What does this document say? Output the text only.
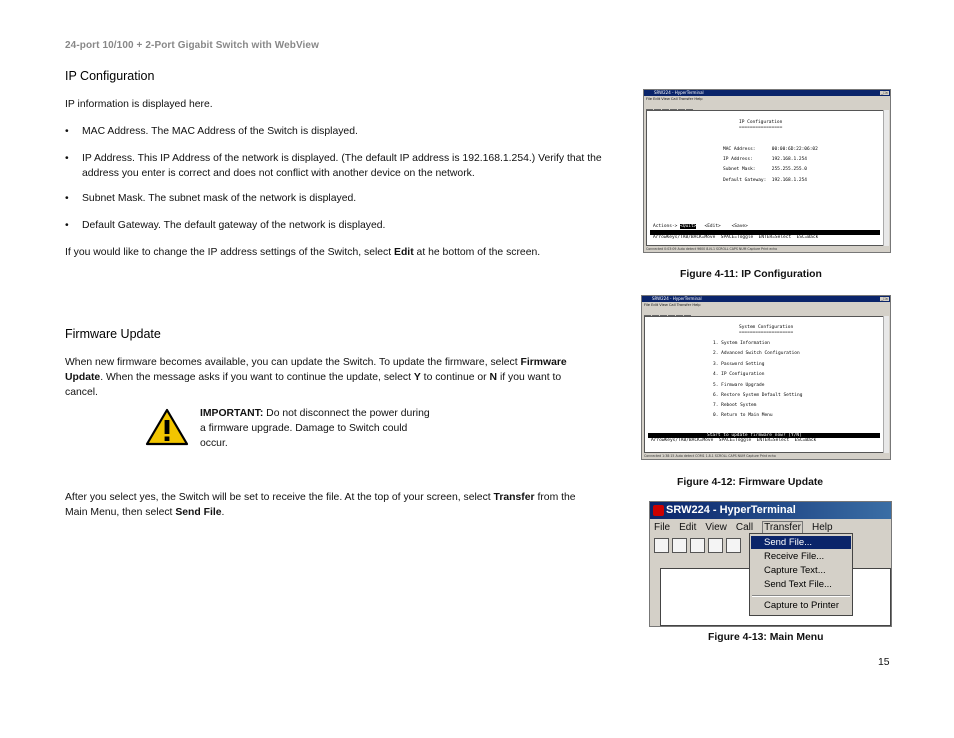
24-port 10/100 + 2-Port Gigabit Switch with WebView
IP Configuration
IP information is displayed here.
• MAC Address. The MAC Address of the Switch is displayed.
• IP Address. This IP Address of the network is displayed. (The default IP address is 192.168.1.254.) Verify that the address you enter is correct and does not conflict with another device on the network.
• Subnet Mask. The subnet mask of the network is displayed.
• Default Gateway. The default gateway of the network is displayed.
If you would like to change the IP address settings of the Switch, select Edit at he bottom of the screen.
Firmware Update
When new firmware becomes available, you can update the Switch. To update the firmware, select Firmware Update. When the message asks if you want to continue the update, select Y to continue or N if you want to cancel.
IMPORTANT: Do not disconnect the power during a firmware upgrade. Damage to Switch could occur.
After you select yes, the Switch will be set to receive the file. At the top of your screen, select Transfer from the Main Menu, then select Send File.
SRW224 - HyperTerminal	_□×
File Edit View Call Transfer Help
IP Configuration
================
MAC Address:      00:00:6D:22:06:02
IP Address:       192.168.1.254
Subnet Mask:      255.255.255.0
Default Gateway:  192.168.1.254
Actions-> <Quit>   <Edit>    <Save>
ArrowKeys/TAB/BACK=Move  SPACE=Toggle  ENTER=Select  ESC=Back
Connected 0:03:09 Auto detect 9600 8-N-1 SCROLL CAPS NUM Capture Print echo
Figure 4-11: IP Configuration
SRW224 - HyperTerminal	_□×
File Edit View Call Transfer Help
System Configuration
====================
1. System Information
2. Advanced Switch Configuration
3. Password Setting
4. IP Configuration
5. Firmware Upgrade
6. Restore System Default Setting
7. Reboot System
0. Return to Main Menu
Start to update firmware now? [Y/N]
ArrowKeys/TAB/BACK=Move  SPACE=Toggle  ENTER=Select  ESC=Back
Connected 1:38:15 Auto detect COM1 1.8.1 SCROLL CAPS NUM Capture Print echo
Figure 4-12: Firmware Update
SRW224 - HyperTerminal
File Edit View Call Transfer Help
Send File...
Receive File...
Capture Text...
Send Text File...
Capture to Printer
Figure 4-13: Main Menu
15
